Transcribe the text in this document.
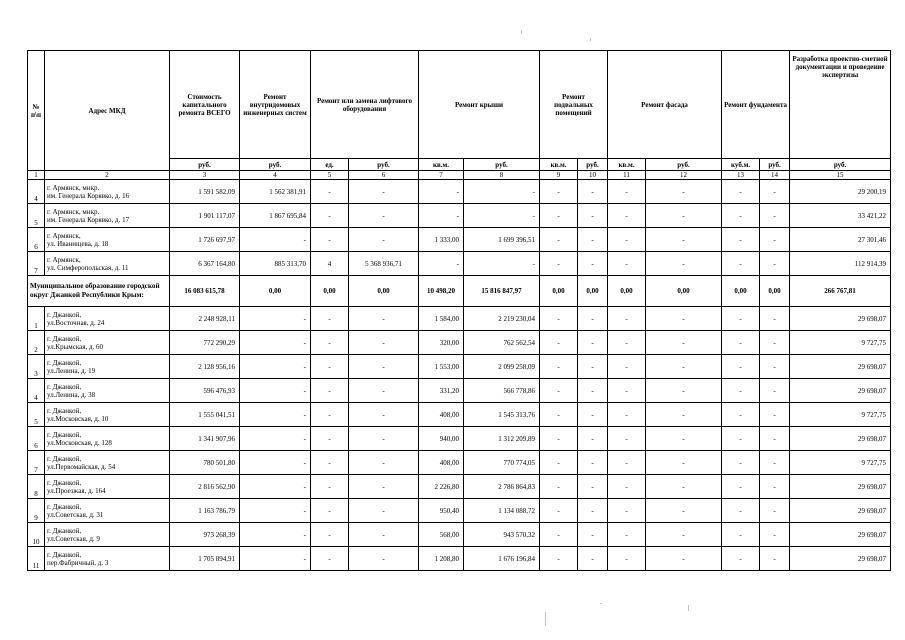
№
п\п	Адрес МКД	Стоимость капитального ремонта ВСЕГО	Ремонт внутридомовых инженерных систем	Ремонт или замена лифтового оборудования		Ремонт крыши		Ремонт подвальных помещений		Ремонт фасада		Ремонт фундамента		Разработка проектно-сметной документации и проведение экспертизы
		руб.	руб.	ед.	руб.	кв.м.	руб.	кв.м.	руб.	кв.м.	руб.	куб.м.	руб.	руб.
1	2	3	4	5	6	7	8	9	10	11	12	13	14	15
4	г. Армянск, микр.
им. Генерала Корявко, д. 16	1 591 582,09	1 562 381,91	-	-	-	-	-	-	-	-	-	-	29 200,19
5	г. Армянск, микр.
им. Генерала Корявко, д. 17	1 901 117,07	1 867 695,84	-	-	-	-	-	-	-	-	-	-	33 421,22
6	г. Армянск,
ул. Иванищева, д. 18	1 726 697,97	-	-	-	1 333,00	1 699 396,51	-	-	-	-	-	-	27 301,46
7	г. Армянск,
ул. Симферопольская, д. 11	6 367 164,80	885 313,70	4	5 368 936,71	-	-	-	-	-	-	-	-	112 914,39
Муниципальное образование городской округ Джанкой Республики Крым:		16 083 615,78	0,00	0,00	0,00	10 498,20	15 816 847,97	0,00	0,00	0,00	0,00	0,00	0,00	266 767,81
1	г. Джанкой,
ул.Восточная, д. 24	2 248 928,11	-	-	-	1 584,00	2 219 230,04	-	-	-	-	-	-	29 698,07
2	г. Джанкой,
ул.Крымская, д. 60	772 290,29	-	-	-	320,00	762 562,54	-	-	-	-	-	-	9 727,75
3	г. Джанкой,
ул.Ленина, д. 19	2 128 956,16	-	-	-	1 553,00	2 099 258,09	-	-	-	-	-	-	29 698,07
4	г. Джанкой,
ул.Ленина, д. 38	596 476,93	-	-	-	331,20	566 778,86	-	-	-	-	-	-	29 698,07
5	г. Джанкой,
ул.Московская, д. 10	1 555 041,51	-	-	-	408,00	1 545 313,76	-	-	-	-	-	-	9 727,75
6	г. Джанкой,
ул.Московская, д. 128	1 341 907,96	-	-	-	940,00	1 312 209,89	-	-	-	-	-	-	29 698,07
7	г. Джанкой,
ул.Первомайская, д. 54	780 501,80	-	-	-	408,00	770 774,05	-	-	-	-	-	-	9 727,75
8	г. Джанкой,
ул.Проезжая, д. 164	2 816 562,90	-	-	-	2 226,80	2 786 864,83	-	-	-	-	-	-	29 698,07
9	г. Джанкой,
ул.Советская, д. 31	1 163 786,79	-	-	-	950,40	1 134 088,72	-	-	-	-	-	-	29 698,07
10	г. Джанкой,
ул.Советская, д. 9	973 268,39	-	-	-	568,00	943 570,32	-	-	-	-	-	-	29 698,07
11	г. Джанкой,
пер.Фабричный, д. 3	1 705 894,91	-	-	-	1 208,80	1 676 196,84	-	-	-	-	-	-	29 698,07
